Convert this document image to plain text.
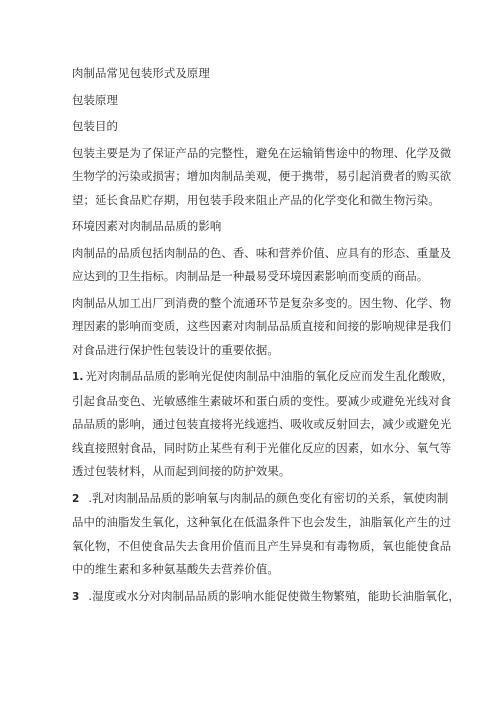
肉制品常见包装形式及原理

包装原理

包装目的

包装主要是为了保证产品的完整性，避免在运输销售途中的物理、化学及微

生物学的污染或损害；增加肉制品美观，便于携带，易引起消费者的购买欲

望；延长食品贮存期，用包装手段来阻止产品的化学变化和微生物污染。

环境因素对肉制品品质的影响

肉制品的品质包括肉制品的色、香、味和营养价值、应具有的形态、重量及

应达到的卫生指标。肉制品是一种最易受环境因素影响而变质的商品。

肉制品从加工出厂到消费的整个流通环节是复杂多变的。因生物、化学、物

理因素的影响而变质，这些因素对肉制品品质直接和间接的影响规律是我们

对食品进行保护性包装设计的重要依据。

1. 光对肉制品品质的影响光促使肉制品中油脂的氧化反应而发生乱化酸败，

引起食品变色、光敏感维生素破坏和蛋白质的变性。要减少或避免光线对食

品品质的影响，通过包装直接将光线遮挡、吸收或反射回去，减少或避免光

线直接照射食品，同时防止某些有利于光催化反应的因素，如水分、氧气等

透过包装材料，从而起到间接的防护效果。

2 .乳对肉制品品质的影响氧与肉制品的颜色变化有密切的关系，氧使肉制

品中的油脂发生氧化，这种氧化在低温条件下也会发生，油脂氧化产生的过

氧化物，不但使食品失去食用价值而且产生异臭和有毒物质，氧也能使食品

中的维生素和多种氨基酸失去营养价值。

3 .湿度或水分对肉制品品质的影响水能促使微生物繁殖，能助长油脂氧化，
